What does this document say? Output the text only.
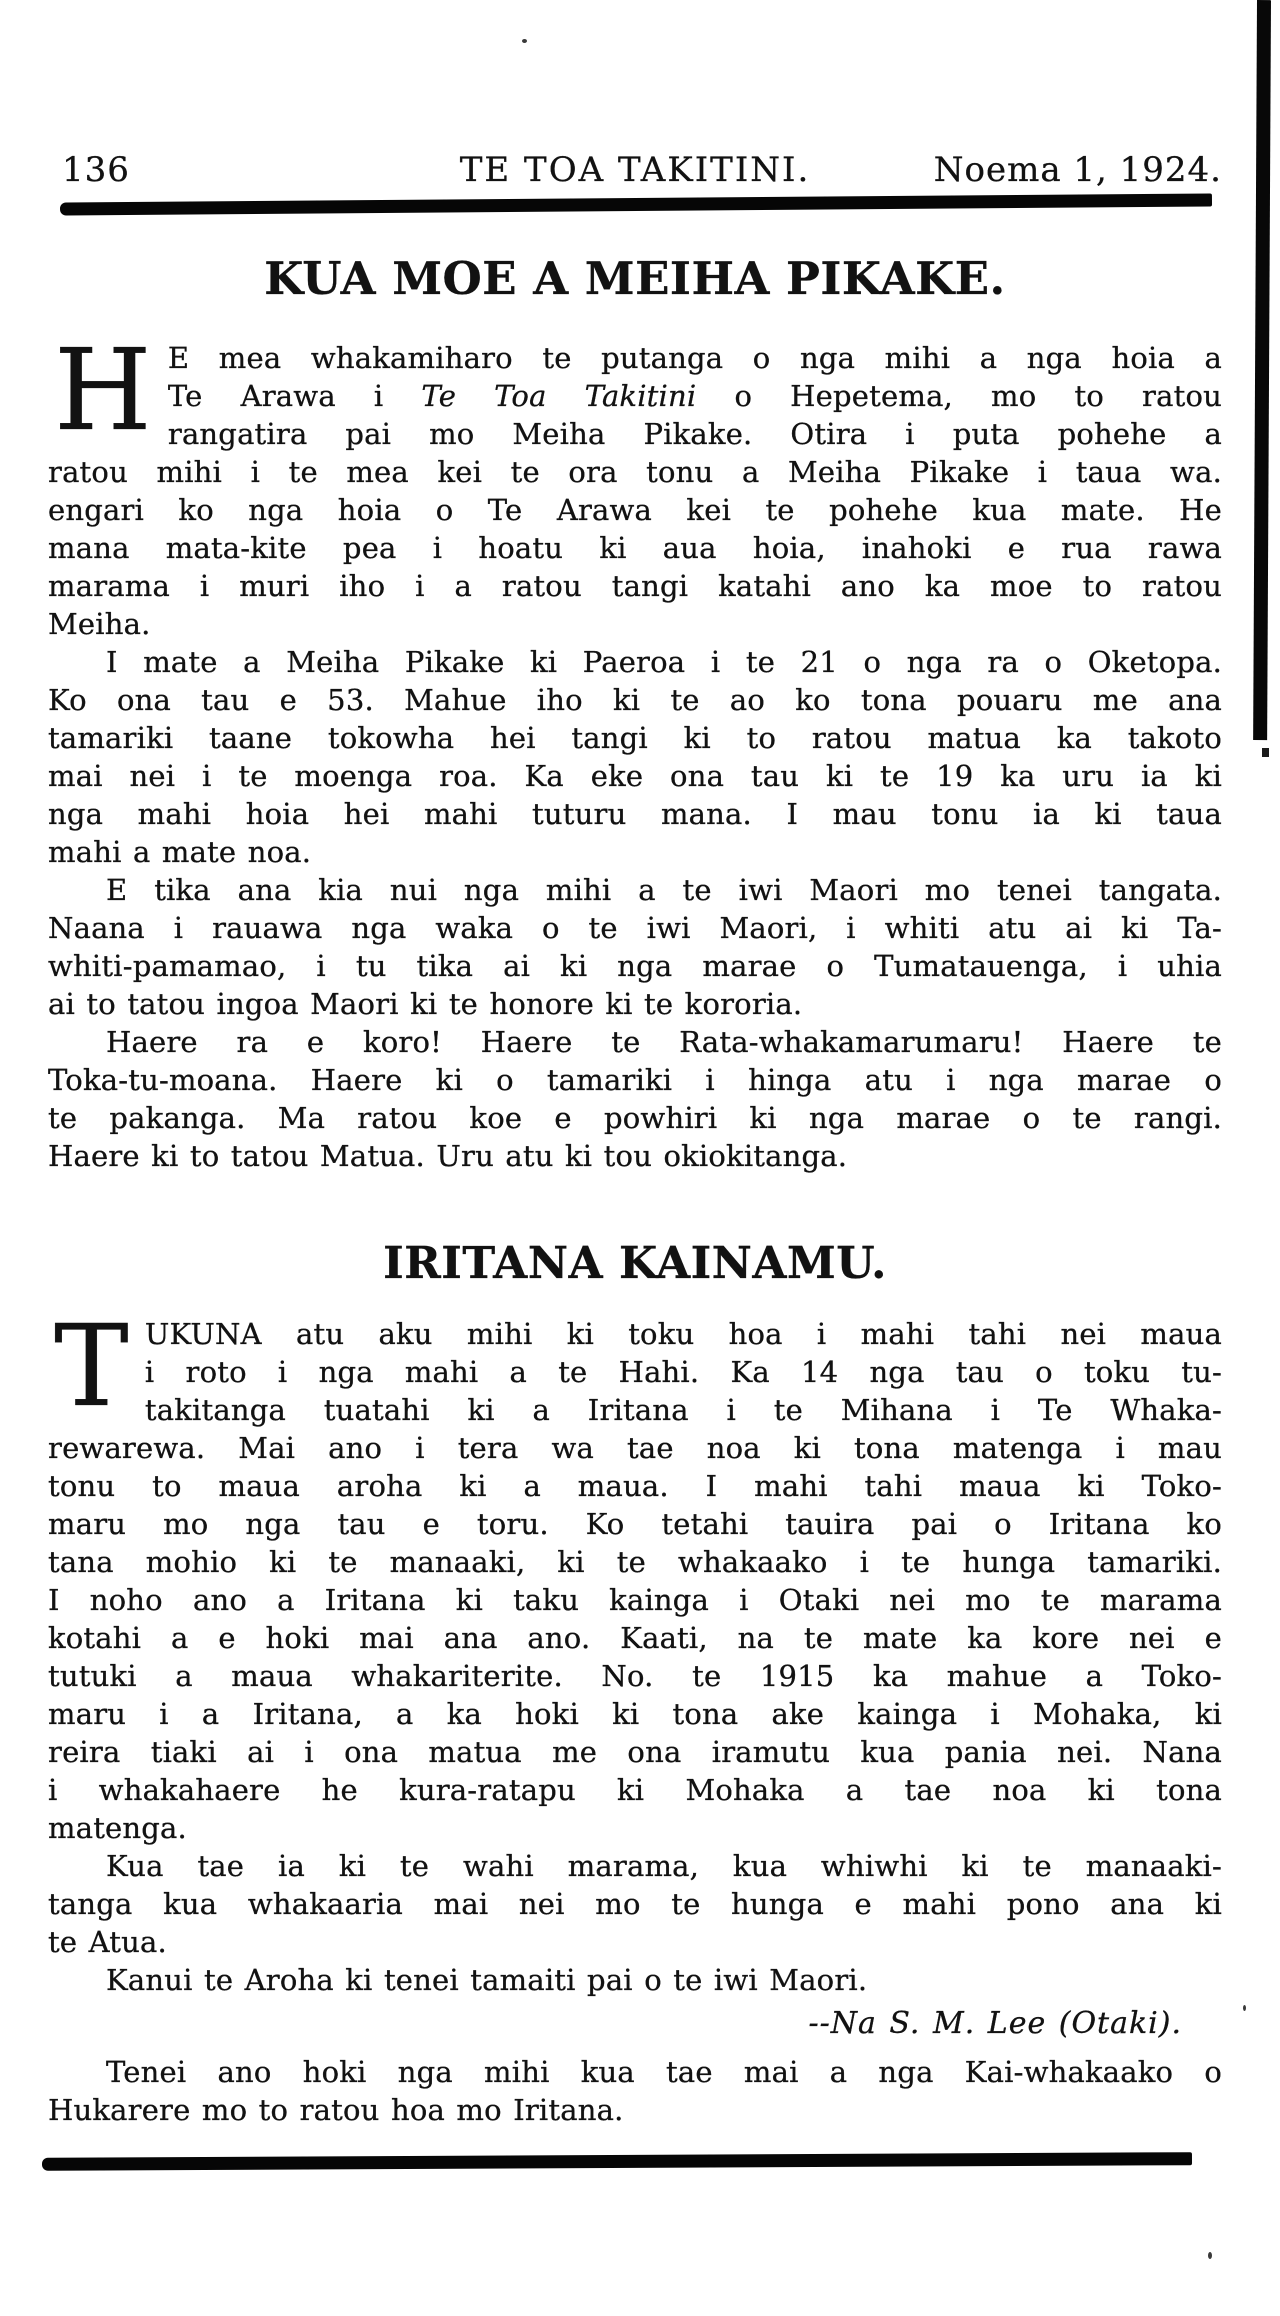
136	TE TOA TAKITINI.	Noema 1, 1924.
KUA MOE A MEIHA PIKAKE.
H E mea whakamiharo te putanga o nga mihi a nga hoia a
Te Arawa i Te Toa Takitini o Hepetema, mo to ratou
rangatira pai mo Meiha Pikake. Otira i puta pohehe a
ratou mihi i te mea kei te ora tonu a Meiha Pikake i taua wa.
engari ko nga hoia o Te Arawa kei te pohehe kua mate. He
mana mata-kite pea i hoatu ki aua hoia, inahoki e rua rawa
marama i muri iho i a ratou tangi katahi ano ka moe to ratou
Meiha.
I mate a Meiha Pikake ki Paeroa i te 21 o nga ra o Oketopa.
Ko ona tau e 53. Mahue iho ki te ao ko tona pouaru me ana
tamariki taane tokowha hei tangi ki to ratou matua ka takoto
mai nei i te moenga roa. Ka eke ona tau ki te 19 ka uru ia ki
nga mahi hoia hei mahi tuturu mana. I mau tonu ia ki taua
mahi a mate noa.
E tika ana kia nui nga mihi a te iwi Maori mo tenei tangata.
Naana i rauawa nga waka o te iwi Maori, i whiti atu ai ki Ta-
whiti-pamamao, i tu tika ai ki nga marae o Tumatauenga, i uhia
ai to tatou ingoa Maori ki te honore ki te kororia.
Haere ra e koro! Haere te Rata-whakamarumaru! Haere te
Toka-tu-moana. Haere ki o tamariki i hinga atu i nga marae o
te pakanga. Ma ratou koe e powhiri ki nga marae o te rangi.
Haere ki to tatou Matua. Uru atu ki tou okiokitanga.
IRITANA KAINAMU.
T UKUNA atu aku mihi ki toku hoa i mahi tahi nei maua
i roto i nga mahi a te Hahi. Ka 14 nga tau o toku tu-
takitanga tuatahi ki a Iritana i te Mihana i Te Whaka-
rewarewa. Mai ano i tera wa tae noa ki tona matenga i mau
tonu to maua aroha ki a maua. I mahi tahi maua ki Toko-
maru mo nga tau e toru. Ko tetahi tauira pai o Iritana ko
tana mohio ki te manaaki, ki te whakaako i te hunga tamariki.
I noho ano a Iritana ki taku kainga i Otaki nei mo te marama
kotahi a e hoki mai ana ano. Kaati, na te mate ka kore nei e
tutuki a maua whakariterite. No. te 1915 ka mahue a Toko-
maru i a Iritana, a ka hoki ki tona ake kainga i Mohaka, ki
reira tiaki ai i ona matua me ona iramutu kua pania nei. Nana
i whakahaere he kura-ratapu ki Mohaka a tae noa ki tona
matenga.
Kua tae ia ki te wahi marama, kua whiwhi ki te manaaki-
tanga kua whakaaria mai nei mo te hunga e mahi pono ana ki
te Atua.
Kanui te Aroha ki tenei tamaiti pai o te iwi Maori.
--Na S. M. Lee (Otaki).
Tenei ano hoki nga mihi kua tae mai a nga Kai-whakaako o
Hukarere mo to ratou hoa mo Iritana.
